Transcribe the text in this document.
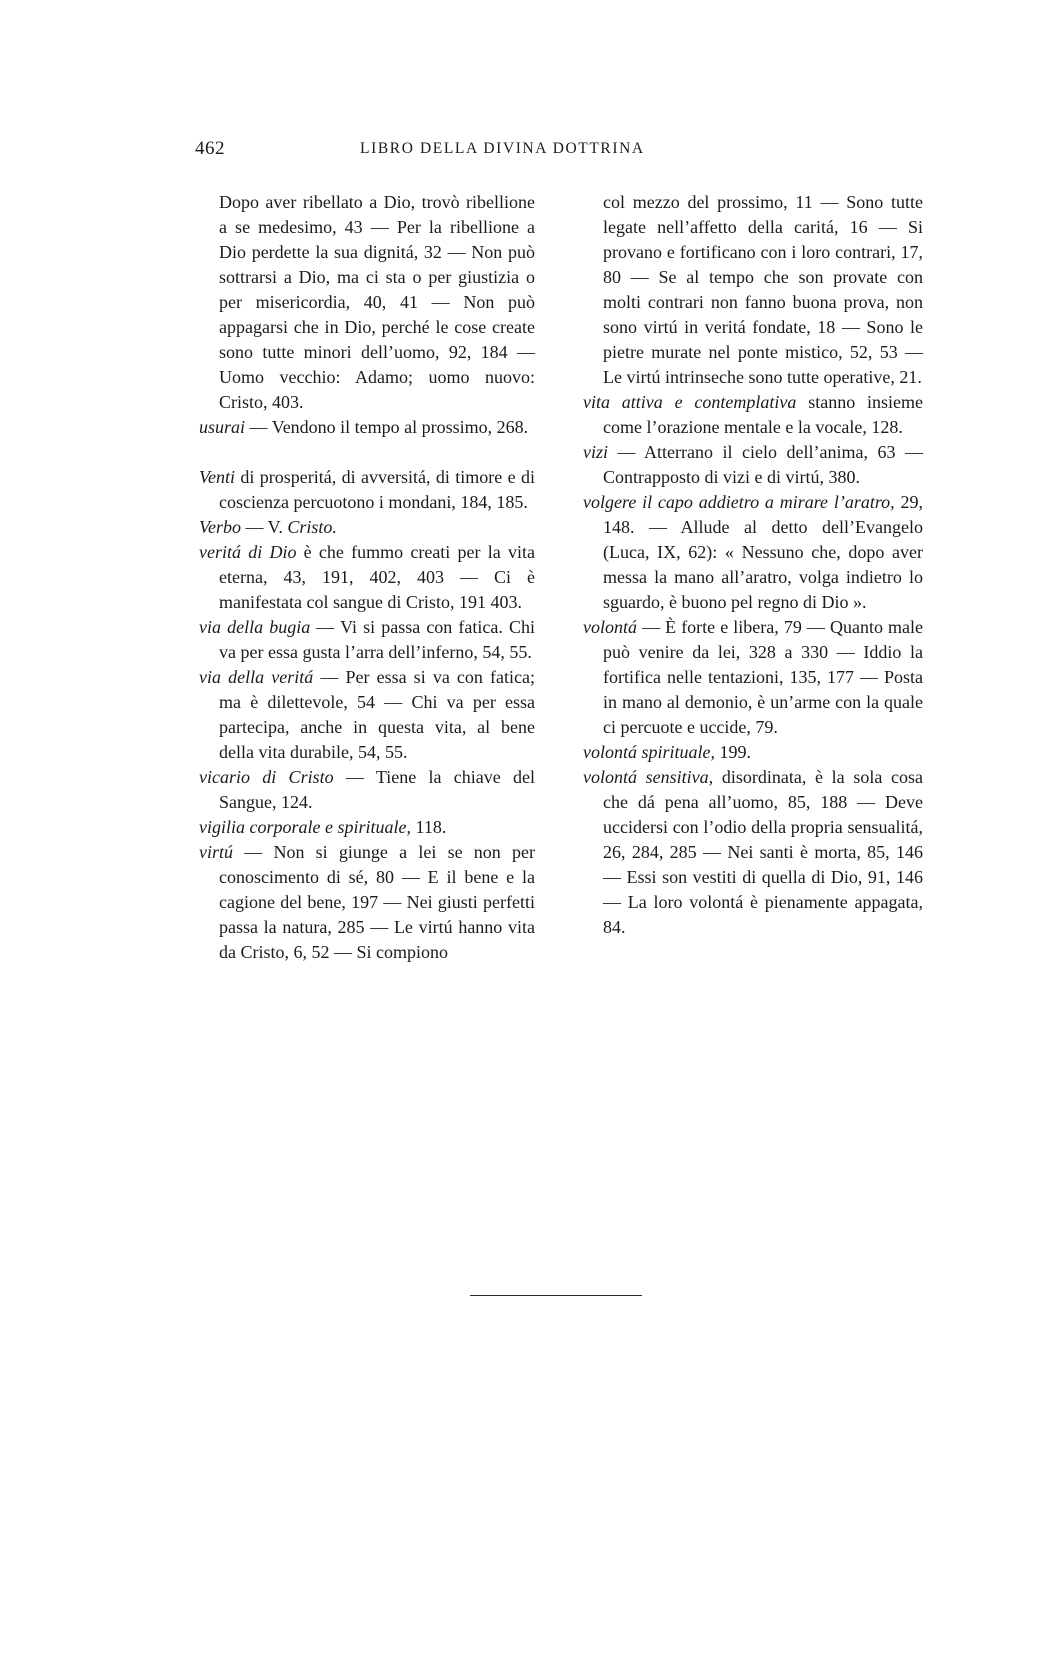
462	LIBRO DELLA DIVINA DOTTRINA

Dopo aver ribellato a Dio, trovò ribellione a se medesimo, 43 — Per la ribellione a Dio perdette la sua dignitá, 32 — Non può sottrarsi a Dio, ma ci sta o per giustizia o per misericordia, 40, 41 — Non può appagarsi che in Dio, perché le cose create sono tutte minori dell’uomo, 92, 184 — Uomo vecchio: Adamo; uomo nuovo: Cristo, 403.

usurai — Vendono il tempo al prossimo, 268.

Venti di prosperitá, di avversitá, di timore e di coscienza percuotono i mondani, 184, 185.

Verbo — V. Cristo.

veritá di Dio è che fummo creati per la vita eterna, 43, 191, 402, 403 — Ci è manifestata col sangue di Cristo, 191 403.

via della bugia — Vi si passa con fatica. Chi va per essa gusta l’arra dell’inferno, 54, 55.

via della veritá — Per essa si va con fatica; ma è dilettevole, 54 — Chi va per essa partecipa, anche in questa vita, al bene della vita durabile, 54, 55.

vicario di Cristo — Tiene la chiave del Sangue, 124.

vigilia corporale e spirituale, 118.

virtú — Non si giunge a lei se non per conoscimento di sé, 80 — E il bene e la cagione del bene, 197 — Nei giusti perfetti passa la natura, 285 — Le virtú hanno vita da Cristo, 6, 52 — Si compiono

col mezzo del prossimo, 11 — Sono tutte legate nell’affetto della caritá, 16 — Si provano e fortificano con i loro contrari, 17, 80 — Se al tempo che son provate con molti contrari non fanno buona prova, non sono virtú in veritá fondate, 18 — Sono le pietre murate nel ponte mistico, 52, 53 — Le virtú intrinseche sono tutte operative, 21.

vita attiva e contemplativa stanno insieme come l’orazione mentale e la vocale, 128.

vizi — Atterrano il cielo dell’anima, 63 — Contrapposto di vizi e di virtú, 380.

volgere il capo addietro a mirare l’aratro, 29, 148. — Allude al detto dell’Evangelo (Luca, IX, 62): « Nessuno che, dopo aver messa la mano all’aratro, volga indietro lo sguardo, è buono pel regno di Dio ».

volontá — È forte e libera, 79 — Quanto male può venire da lei, 328 a 330 — Iddio la fortifica nelle tentazioni, 135, 177 — Posta in mano al demonio, è un’arme con la quale ci percuote e uccide, 79.

volontá spirituale, 199.

volontá sensitiva, disordinata, è la sola cosa che dá pena all’uomo, 85, 188 — Deve uccidersi con l’odio della propria sensualitá, 26, 284, 285 — Nei santi è morta, 85, 146 — Essi son vestiti di quella di Dio, 91, 146 — La loro volontá è pienamente appagata, 84.
